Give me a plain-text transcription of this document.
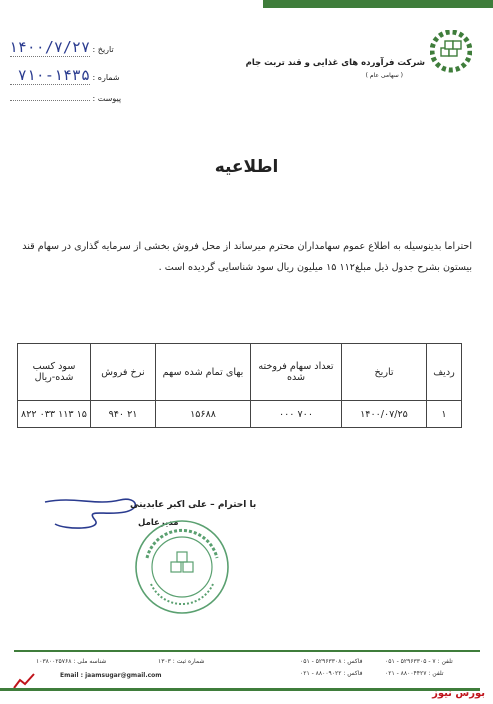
شرکت فرآورده های غذایی و قند تربت جام
( سهامی عام )
تاریخ : ۱۴۰۰/۷/۲۷
شماره : ۷۱۰-۱۴۳۵
پیوست :
اطلاعیه
احتراما بدینوسیله به اطلاع عموم سهامداران محترم میرساند از محل فروش بخشی از سرمایه گذاری در سهام قند بیستون بشرح جدول ذیل مبلغ۱۱۲ ۱۵ میلیون ریال سود شناسایی گردیده است .
ردیف	تاریخ	تعداد سهام فروخته شده	بهای تمام شده سهم	نرخ فروش	سود کسب شده-ریال
۱	۱۴۰۰/۰۷/۲۵	۷۰۰ ۰۰۰	۱۵۶۸۸	۲۱ ۹۴۰	۱۵ ۱۱۳ ۰۳۳ ۸۲۲
با احترام – علی اکبر عابدینی
مدیرعامل
شماره ثبت : ۱۳۰۳
شناسه ملی : ۱۰۳۸۰۰۲۵۷۶۸	تلفن : ۷ - ۵۲۹۶۳۳۰۵ - ۰۵۱
فاکس : ۵۲۹۶۳۳۰۸ - ۰۵۱
تلفن : ۸۸۰۰۴۴۲۷ - ۰۲۱
فاکس : ۸۸۰۰۹۰۲۲ - ۰۲۱
Email : jaamsugar@gmail.com
بورس نیوز
